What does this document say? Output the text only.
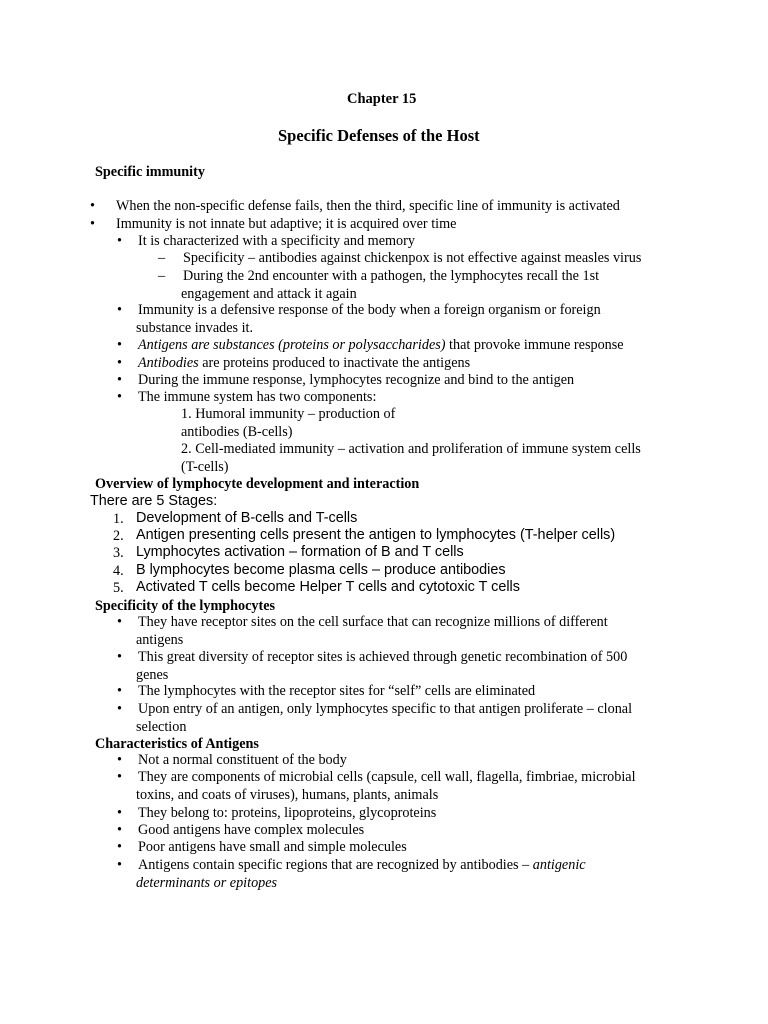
Chapter 15
Specific Defenses of the Host
Specific immunity
•
When the non-specific defense fails, then the third, specific line of immunity is activated
•
Immunity is not innate but adaptive; it is acquired over time
•
It is characterized with a specificity and memory
– Specificity – antibodies against chickenpox is not effective against measles virus
– During the 2nd encounter with a pathogen, the lymphocytes recall the 1st
engagement and attack it again
•
Immunity is a defensive response of the body when a foreign organism or foreign
substance invades it.
•
Antigens are substances (proteins or polysaccharides) that provoke immune response
•
Antibodies are proteins produced to inactivate the antigens
•
During the immune response, lymphocytes recognize and bind to the antigen
•
The immune system has two components:
1. Humoral immunity – production of
antibodies (B-cells)
2. Cell-mediated immunity – activation and proliferation of immune system cells
(T-cells)
Overview of lymphocyte development and interaction
There are 5 Stages:
1. Development of B-cells and T-cells
2. Antigen presenting cells present the antigen to lymphocytes (T-helper cells)
3. Lymphocytes activation – formation of B and T cells
4. B lymphocytes become plasma cells – produce antibodies
5. Activated T cells become Helper T cells and cytotoxic T cells
Specificity of the lymphocytes
•
They have receptor sites on the cell surface that can recognize millions of different
antigens
•
This great diversity of receptor sites is achieved through genetic recombination of 500
genes
•
The lymphocytes with the receptor sites for “self” cells are eliminated
•
Upon entry of an antigen, only lymphocytes specific to that antigen proliferate – clonal
selection
Characteristics of Antigens
•
Not a normal constituent of the body
•
They are components of microbial cells (capsule, cell wall, flagella, fimbriae, microbial
toxins, and coats of viruses), humans, plants, animals
•
They belong to: proteins, lipoproteins, glycoproteins
•
Good antigens have complex molecules
•
Poor antigens have small and simple molecules
•
Antigens contain specific regions that are recognized by antibodies – antigenic
determinants or epitopes
